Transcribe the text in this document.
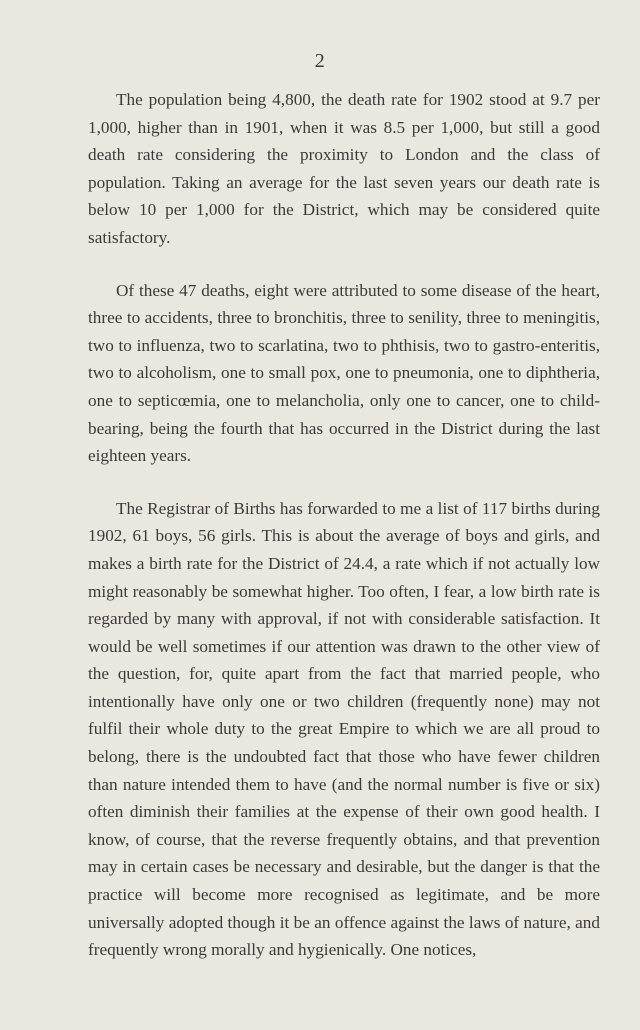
2

The population being 4,800, the death rate for 1902 stood at 9.7 per 1,000, higher than in 1901, when it was 8.5 per 1,000, but still a good death rate considering the proximity to London and the class of population. Taking an average for the last seven years our death rate is below 10 per 1,000 for the District, which may be considered quite satisfactory.

Of these 47 deaths, eight were attributed to some disease of the heart, three to accidents, three to bronchitis, three to senility, three to meningitis, two to influenza, two to scarlatina, two to phthisis, two to gastro-enteritis, two to alcoholism, one to small pox, one to pneumonia, one to diphtheria, one to septicœmia, one to melancholia, only one to cancer, one to child-bearing, being the fourth that has occurred in the District during the last eighteen years.

The Registrar of Births has forwarded to me a list of 117 births during 1902, 61 boys, 56 girls. This is about the average of boys and girls, and makes a birth rate for the District of 24.4, a rate which if not actually low might reasonably be somewhat higher. Too often, I fear, a low birth rate is regarded by many with approval, if not with considerable satisfaction. It would be well sometimes if our attention was drawn to the other view of the question, for, quite apart from the fact that married people, who intentionally have only one or two children (frequently none) may not fulfil their whole duty to the great Empire to which we are all proud to belong, there is the undoubted fact that those who have fewer children than nature intended them to have (and the normal number is five or six) often diminish their families at the expense of their own good health. I know, of course, that the reverse frequently obtains, and that prevention may in certain cases be necessary and desirable, but the danger is that the practice will become more recognised as legitimate, and be more universally adopted though it be an offence against the laws of nature, and frequently wrong morally and hygienically. One notices,
